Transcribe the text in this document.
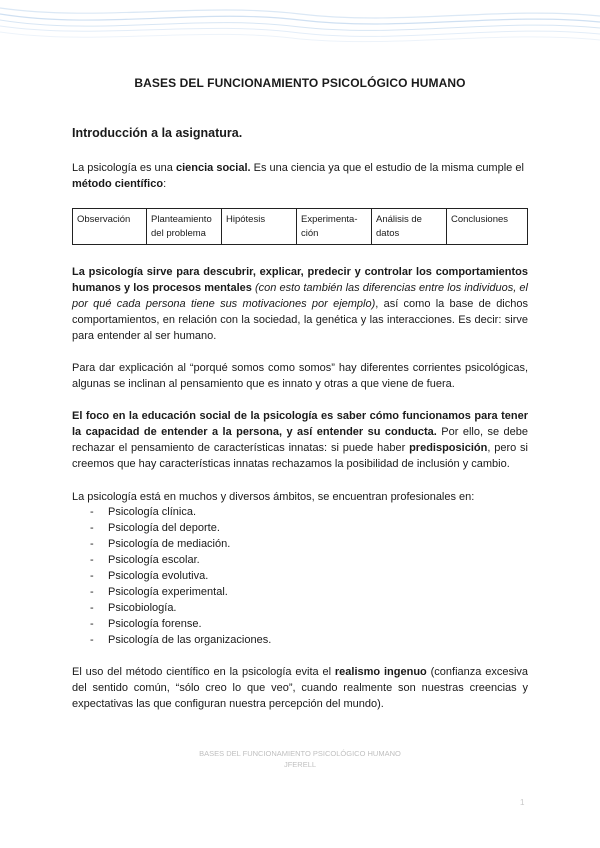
BASES DEL FUNCIONAMIENTO PSICOLÓGICO HUMANO
Introducción a la asignatura.

La psicología es una ciencia social. Es una ciencia ya que el estudio de la misma cumple el método científico:

Observación	Planteamiento del problema	Hipótesis	Experimenta-ción	Análisis de datos	Conclusiones

La psicología sirve para descubrir, explicar, predecir y controlar los comportamientos humanos y los procesos mentales (con esto también las diferencias entre los individuos, el por qué cada persona tiene sus motivaciones por ejemplo), así como la base de dichos comportamientos, en relación con la sociedad, la genética y las interacciones. Es decir: sirve para entender al ser humano.

Para dar explicación al “porqué somos como somos” hay diferentes corrientes psicológicas, algunas se inclinan al pensamiento que es innato y otras a que viene de fuera.

El foco en la educación social de la psicología es saber cómo funcionamos para tener la capacidad de entender a la persona, y así entender su conducta. Por ello, se debe rechazar el pensamiento de características innatas: si puede haber predisposición, pero si creemos que hay características innatas rechazamos la posibilidad de inclusión y cambio.

La psicología está en muchos y diversos ámbitos, se encuentran profesionales en:

- Psicología clínica.
- Psicología del deporte.
- Psicología de mediación.
- Psicología escolar.
- Psicología evolutiva.
- Psicología experimental.
- Psicobiología.
- Psicología forense.
- Psicología de las organizaciones.

El uso del método científico en la psicología evita el realismo ingenuo (confianza excesiva del sentido común, “sólo creo lo que veo”, cuando realmente son nuestras creencias y expectativas las que configuran nuestra percepción del mundo).

BASES DEL FUNCIONAMIENTO PSICOLÓGICO HUMANO
JFERELL
1
